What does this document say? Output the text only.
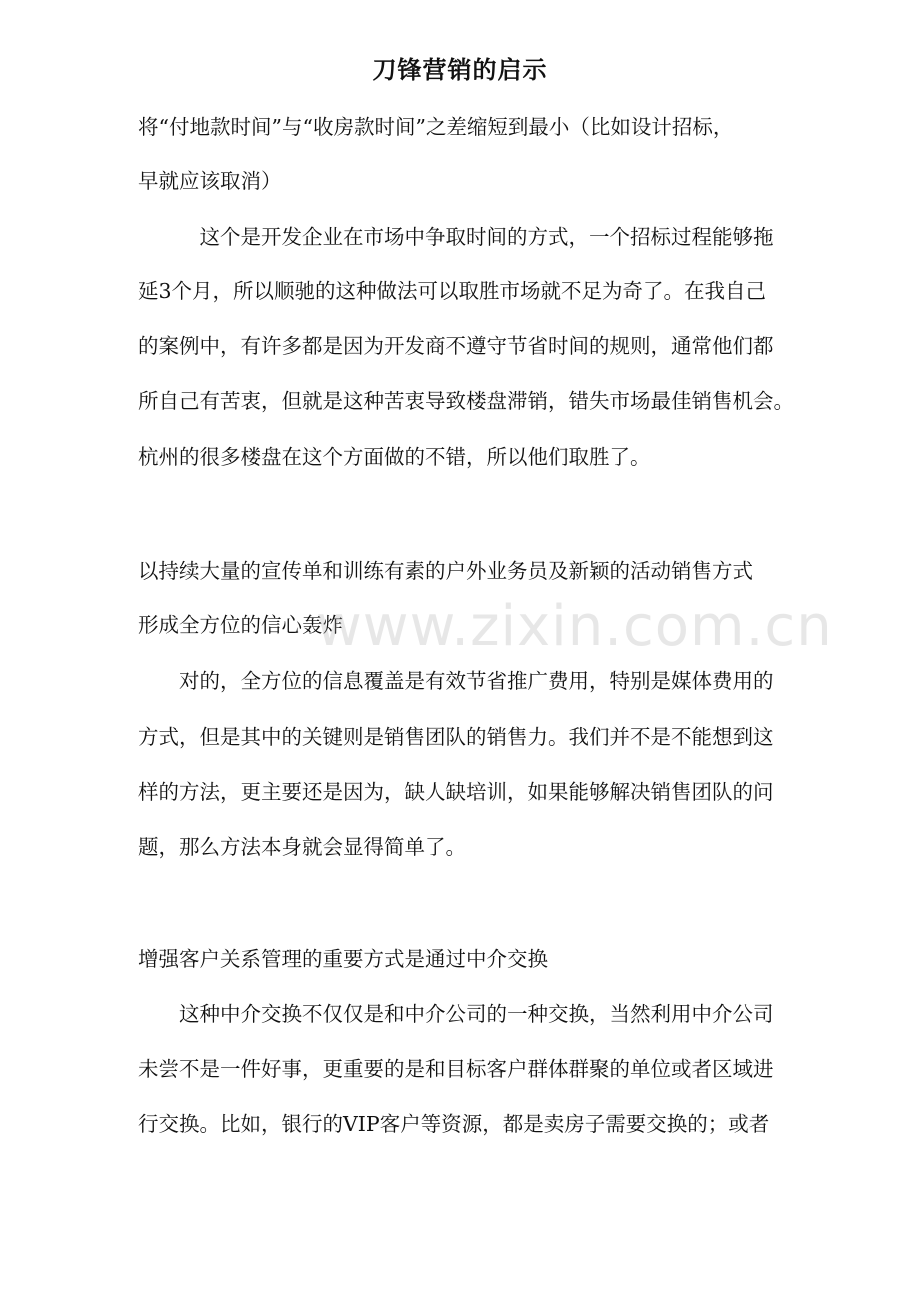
刀锋营销的启示
将“付地款时间”与“收房款时间”之差缩短到最小（比如设计招标，
早就应该取消）
　　　这个是开发企业在市场中争取时间的方式，一个招标过程能够拖
延3个月，所以顺驰的这种做法可以取胜市场就不足为奇了。在我自己
的案例中，有许多都是因为开发商不遵守节省时间的规则，通常他们都
所自己有苦衷，但就是这种苦衷导致楼盘滞销，错失市场最佳销售机会。
杭州的很多楼盘在这个方面做的不错，所以他们取胜了。
以持续大量的宣传单和训练有素的户外业务员及新颖的活动销售方式
形成全方位的信心轰炸
　　对的，全方位的信息覆盖是有效节省推广费用，特别是媒体费用的
方式，但是其中的关键则是销售团队的销售力。我们并不是不能想到这
样的方法，更主要还是因为，缺人缺培训，如果能够解决销售团队的问
题，那么方法本身就会显得简单了。
增强客户关系管理的重要方式是通过中介交换
　　这种中介交换不仅仅是和中介公司的一种交换，当然利用中介公司
未尝不是一件好事，更重要的是和目标客户群体群聚的单位或者区域进
行交换。比如，银行的VIP客户等资源，都是卖房子需要交换的；或者
www.zixin.com.cn
